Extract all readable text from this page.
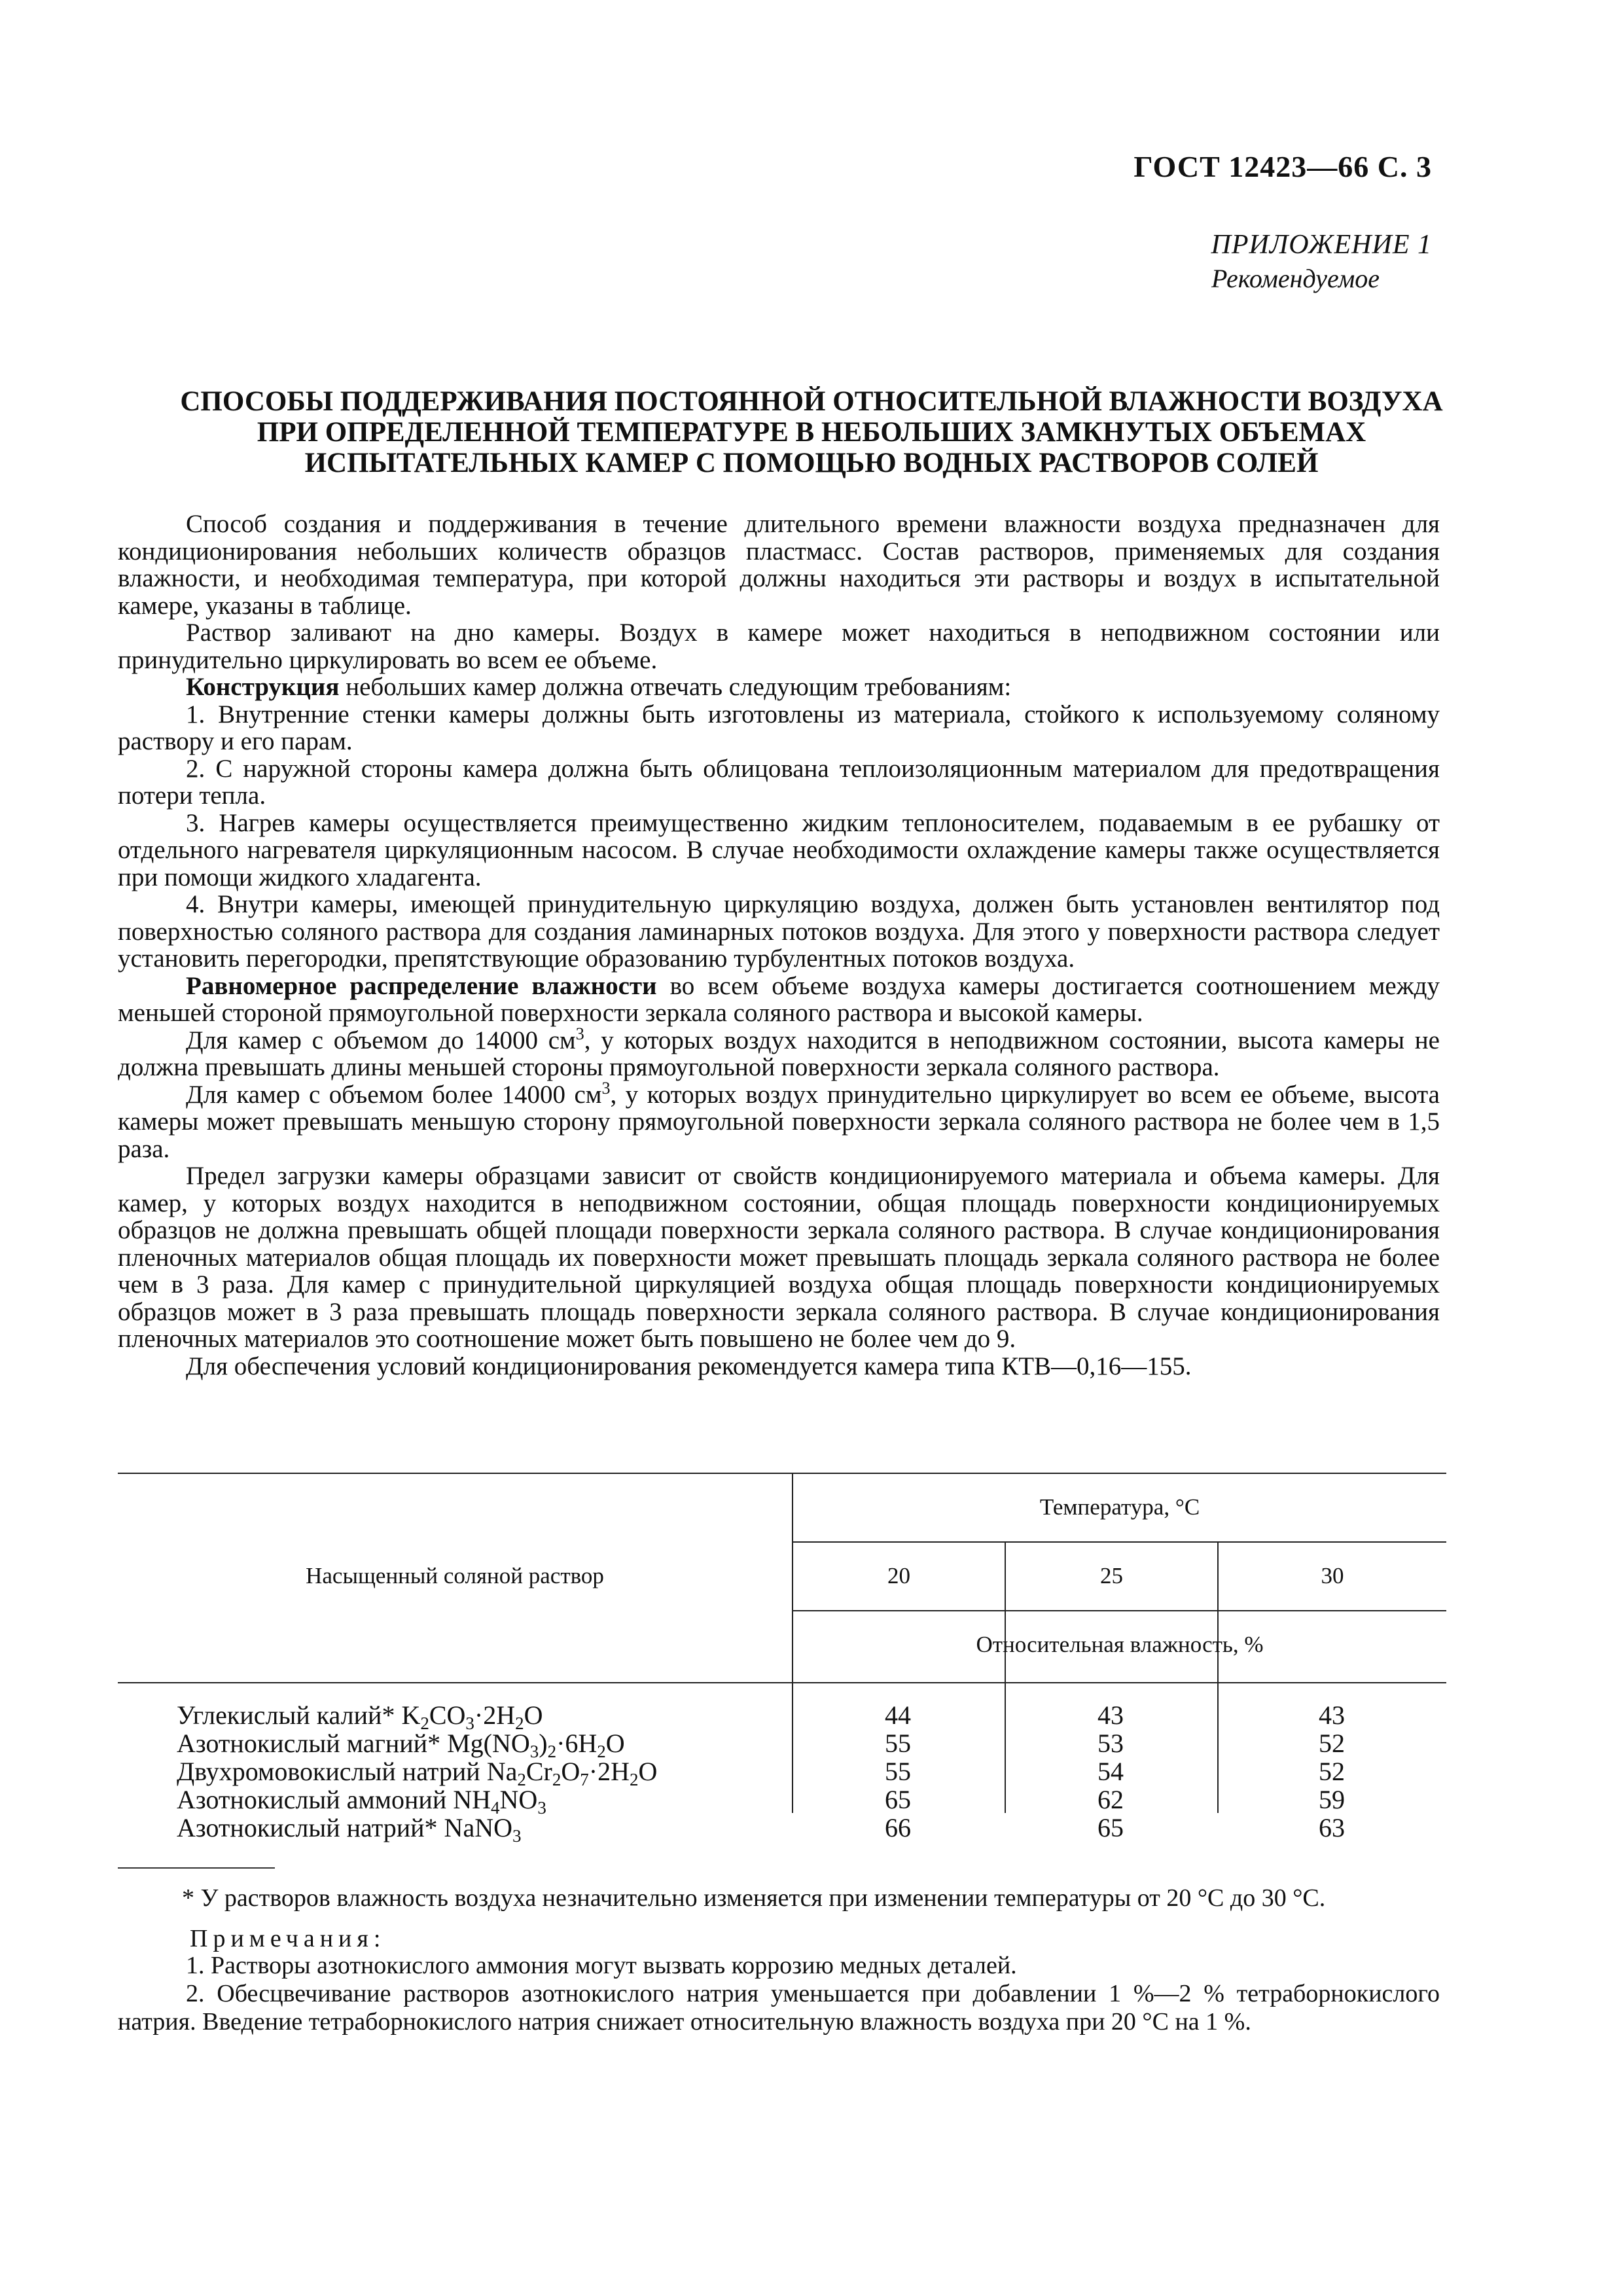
ГОСТ 12423—66 С. 3
ПРИЛОЖЕНИЕ 1
Рекомендуемое
СПОСОБЫ ПОДДЕРЖИВАНИЯ ПОСТОЯННОЙ ОТНОСИТЕЛЬНОЙ ВЛАЖНОСТИ ВОЗДУХА
ПРИ ОПРЕДЕЛЕННОЙ ТЕМПЕРАТУРЕ В НЕБОЛЬШИХ ЗАМКНУТЫХ ОБЪЕМАХ
ИСПЫТАТЕЛЬНЫХ КАМЕР С ПОМОЩЬЮ ВОДНЫХ РАСТВОРОВ СОЛЕЙ

Способ создания и поддерживания в течение длительного времени влажности воздуха предназначен для кондиционирования небольших количеств образцов пластмасс. Состав растворов, применяемых для создания влажности, и необходимая температура, при которой должны находиться эти растворы и воздух в испытательной камере, указаны в таблице.

Раствор заливают на дно камеры. Воздух в камере может находиться в неподвижном состоянии или принудительно циркулировать во всем ее объеме.

Конструкция небольших камер должна отвечать следующим требованиям:

1. Внутренние стенки камеры должны быть изготовлены из материала, стойкого к используемому соляному раствору и его парам.

2. С наружной стороны камера должна быть облицована теплоизоляционным материалом для предотвращения потери тепла.

3. Нагрев камеры осуществляется преимущественно жидким теплоносителем, подаваемым в ее рубашку от отдельного нагревателя циркуляционным насосом. В случае необходимости охлаждение камеры также осуществляется при помощи жидкого хладагента.

4. Внутри камеры, имеющей принудительную циркуляцию воздуха, должен быть установлен вентилятор под поверхностью соляного раствора для создания ламинарных потоков воздуха. Для этого у поверхности раствора следует установить перегородки, препятствующие образованию турбулентных потоков воздуха.

Равномерное распределение влажности во всем объеме воздуха камеры достигается соотношением между меньшей стороной прямоугольной поверхности зеркала соляного раствора и высокой камеры.

Для камер с объемом до 14000 $см^3$, у которых воздух находится в неподвижном состоянии, высота камеры не должна превышать длины меньшей стороны прямоугольной поверхности зеркала соляного раствора.

Для камер с объемом более 14000 $см^3$, у которых воздух принудительно циркулирует во всем ее объеме, высота камеры может превышать меньшую сторону прямоугольной поверхности зеркала соляного раствора не более чем в 1,5 раза.

Предел загрузки камеры образцами зависит от свойств кондиционируемого материала и объема камеры. Для камер, у которых воздух находится в неподвижном состоянии, общая площадь поверхности кондиционируемых образцов не должна превышать общей площади поверхности зеркала соляного раствора. В случае кондиционирования пленочных материалов общая площадь их поверхности может превышать площадь зеркала соляного раствора не более чем в 3 раза. Для камер с принудительной циркуляцией воздуха общая площадь поверхности кондиционируемых образцов может в 3 раза превышать площадь поверхности зеркала соляного раствора. В случае кондиционирования пленочных материалов это соотношение может быть повышено не более чем до 9.

Для обеспечения условий кондиционирования рекомендуется камера типа КТВ—0,16—155.

Насыщенный соляной раствор
Температура, °С
20	25	30
Относительная влажность, %
Углекислый калий* $K_2CO_3\cdot 2H_2O$	44	43	43
Азотнокислый магний* $Mg(NO_3)_2\cdot 6H_2O$	55	53	52
Двухромовокислый натрий $Na_2Cr_2O_7\cdot 2H_2O$	55	54	52
Азотнокислый аммоний $NH_4NO_3$	65	62	59
Азотнокислый натрий* NaNO$_3$	66	65	63
* У растворов влажность воздуха незначительно изменяется при изменении температуры от 20 °С до 30 °С.
Примечания:

1. Растворы азотнокислого аммония могут вызвать коррозию медных деталей.

2. Обесцвечивание растворов азотнокислого натрия уменьшается при добавлении 1 %—2 % тетраборнокислого натрия. Введение тетраборнокислого натрия снижает относительную влажность воздуха при 20 °С на 1 %.
